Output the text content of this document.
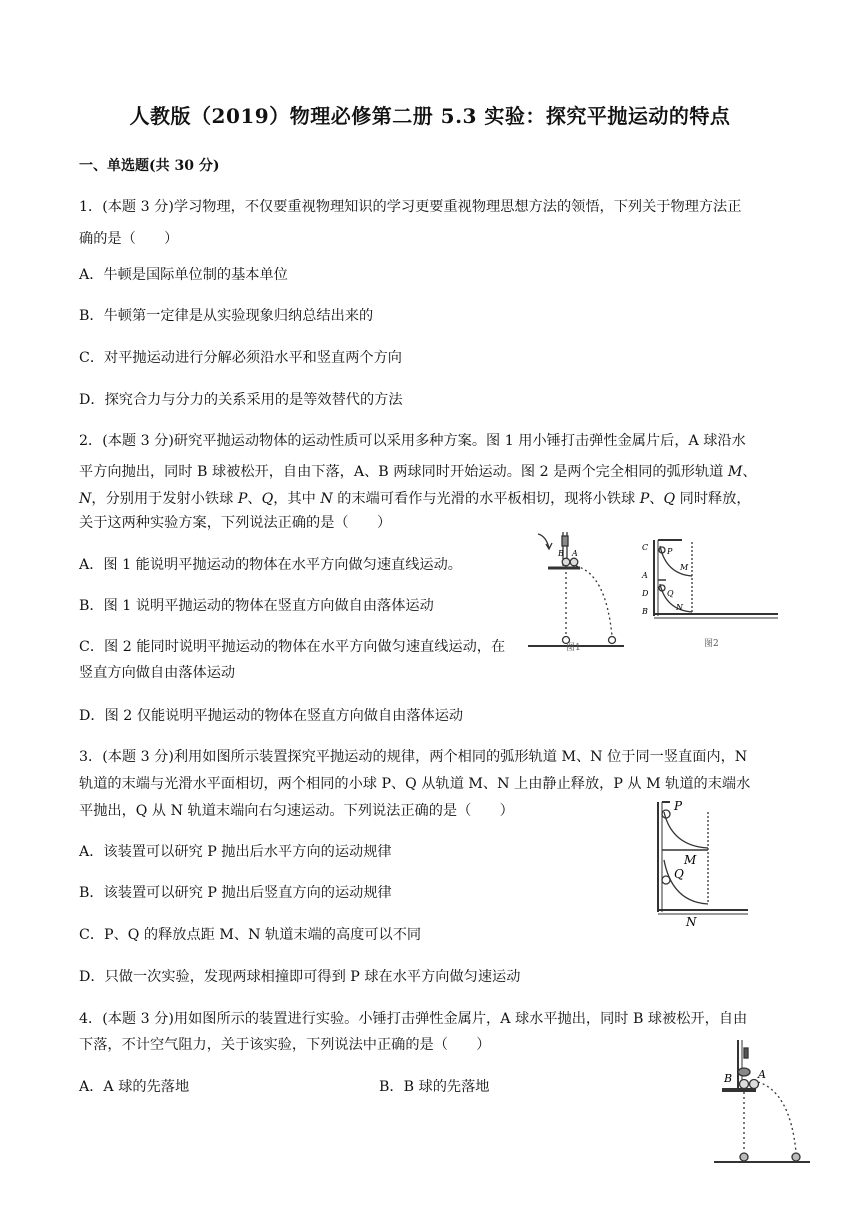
人教版（2019）物理必修第二册 5.3 实验：探究平抛运动的特点
一、单选题(共 30 分)
1．(本题 3 分)学习物理，不仅要重视物理知识的学习更要重视物理思想方法的领悟，下列关于物理方法正
确的是（　　）
A．牛顿是国际单位制的基本单位
B．牛顿第一定律是从实验现象归纳总结出来的
C．对平抛运动进行分解必须沿水平和竖直两个方向
D．探究合力与分力的关系采用的是等效替代的方法
2．(本题 3 分)研究平抛运动物体的运动性质可以采用多种方案。图 1 用小锤打击弹性金属片后，A 球沿水
平方向抛出，同时 B 球被松开，自由下落，A、B 两球同时开始运动。图 2 是两个完全相同的弧形轨道 M、
N，分别用于发射小铁球 P、Q，其中 N 的末端可看作与光滑的水平板相切，现将小铁球 P、Q 同时释放，
关于这两种实验方案，下列说法正确的是（　　）
A．图 1 能说明平抛运动的物体在水平方向做匀速直线运动。
B．图 1 说明平抛运动的物体在竖直方向做自由落体运动
C．图 2 能同时说明平抛运动的物体在水平方向做匀速直线运动，在
竖直方向做自由落体运动
D．图 2 仅能说明平抛运动的物体在竖直方向做自由落体运动
A
B
图1
C P
M
A
D Q
N
B
图2
3．(本题 3 分)利用如图所示装置探究平抛运动的规律，两个相同的弧形轨道 M、N 位于同一竖直面内，N
轨道的末端与光滑水平面相切，两个相同的小球 P、Q 从轨道 M、N 上由静止释放，P 从 M 轨道的末端水
平抛出，Q 从 N 轨道末端向右匀速运动。下列说法正确的是（　　）
A．该装置可以研究 P 抛出后水平方向的运动规律
B．该装置可以研究 P 抛出后竖直方向的运动规律
C．P、Q 的释放点距 M、N 轨道末端的高度可以不同
D．只做一次实验，发现两球相撞即可得到 P 球在水平方向做匀速运动
P
M
Q
N
4．(本题 3 分)用如图所示的装置进行实验。小锤打击弹性金属片，A 球水平抛出，同时 B 球被松开，自由
下落，不计空气阻力，关于该实验，下列说法中正确的是（　　）
A．A 球的先落地	B．B 球的先落地
B A
